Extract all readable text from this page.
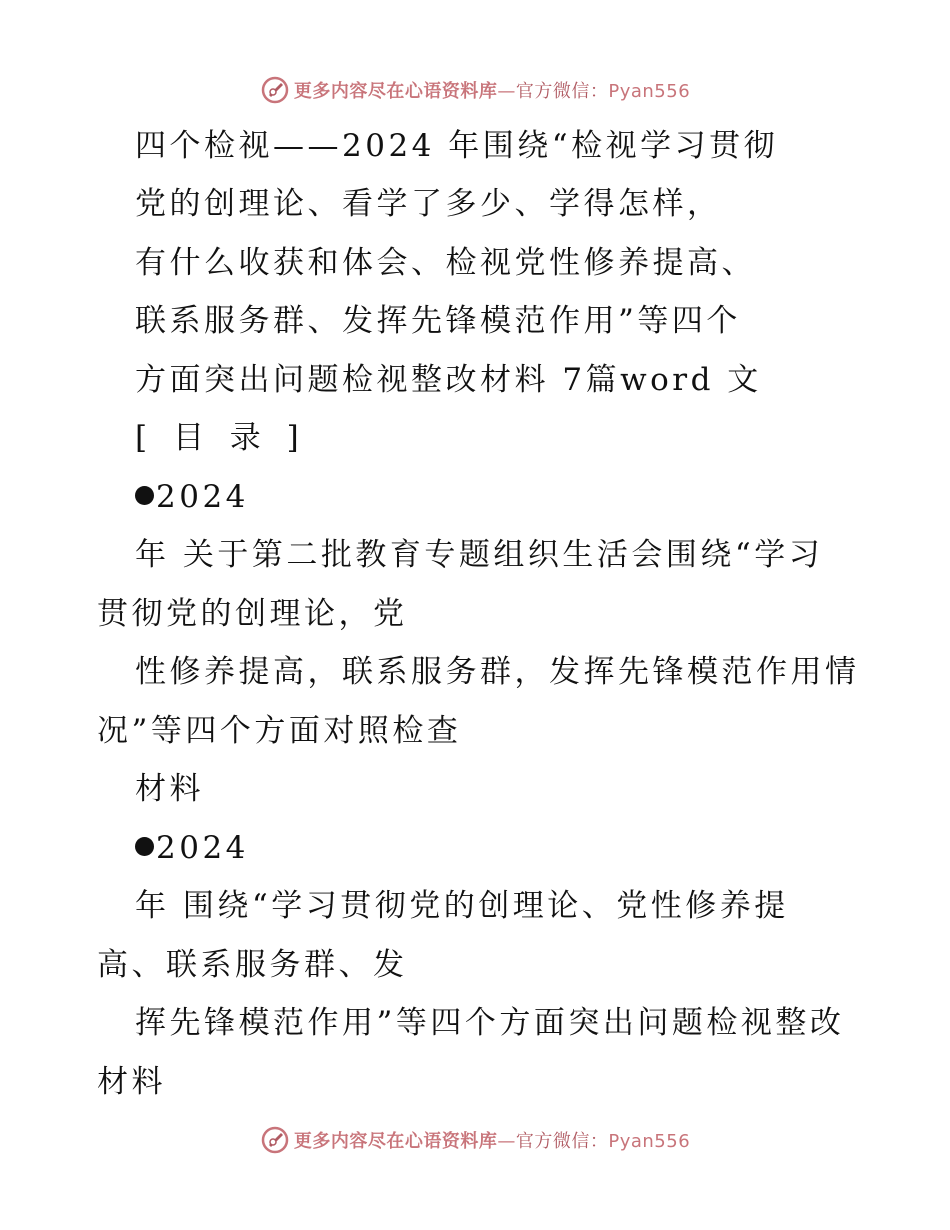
更多内容尽在心语资料库—官方微信：Pyan556
四个检视——2024 年围绕“检视学习贯彻
党的创理论、看学了多少、学得怎样，
有什么收获和体会、检视党性修养提高、
联系服务群、发挥先锋模范作用”等四个
方面突出问题检视整改材料 7篇word 文
[ 目 录 ]
2024
年 关于第二批教育专题组织生活会围绕“学习
贯彻党的创理论，党
性修养提高，联系服务群，发挥先锋模范作用情
况”等四个方面对照检查
材料
2024
年 围绕“学习贯彻党的创理论、党性修养提
高、联系服务群、发
挥先锋模范作用”等四个方面突出问题检视整改
材料
更多内容尽在心语资料库—官方微信：Pyan556
